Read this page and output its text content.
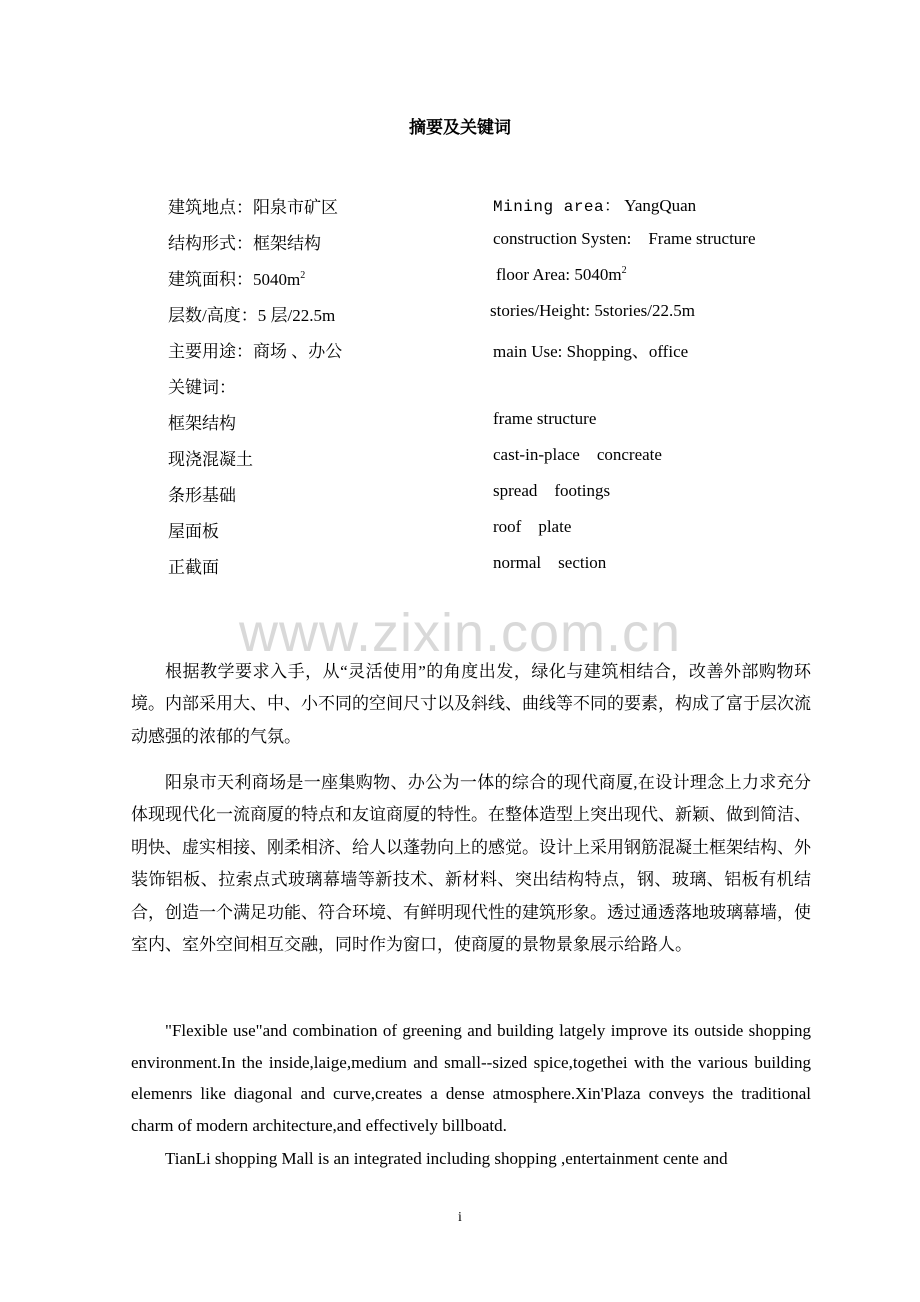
摘要及关键词
建筑地点：阳泉市矿区	Mining area： YangQuan
结构形式：框架结构	construction Systen:    Frame structure
建筑面积：$5040m^2$	floor Area: $5040m^2$
层数/高度：5 层/22.5m	stories/Height: 5stories/22.5m
主要用途：商场 、办公	main Use: Shopping、office
关键词：
框架结构	frame structure
现浇混凝土	cast-in-place    concreate
条形基础	spread    footings
屋面板	roof    plate
正截面	normal    section
www.zixin.com.cn
根据教学要求入手，从“灵活使用”的角度出发，绿化与建筑相结合，改善外部购物环境。内部采用大、中、小不同的空间尺寸以及斜线、曲线等不同的要素，构成了富于层次流动感强的浓郁的气氛。
阳泉市天利商场是一座集购物、办公为一体的综合的现代商厦,在设计理念上力求充分体现现代化一流商厦的特点和友谊商厦的特性。在整体造型上突出现代、新颖、做到简洁、明快、虚实相接、刚柔相济、给人以蓬勃向上的感觉。设计上采用钢筋混凝土框架结构、外装饰铝板、拉索点式玻璃幕墙等新技术、新材料、突出结构特点，钢、玻璃、铝板有机结合，创造一个满足功能、符合环境、有鲜明现代性的建筑形象。透过通透落地玻璃幕墙，使室内、室外空间相互交融，同时作为窗口，使商厦的景物景象展示给路人。
"Flexible use"and combination of greening and building latgely improve its outside shopping environment.In the inside,laige,medium and small--sized spice,togethei with the various building elemenrs like diagonal and curve,creates a dense atmosphere.Xin'Plaza conveys the traditional charm of modern architecture,and effectively billboatd.
TianLi shopping Mall is an integrated including shopping ,entertainment cente and
i
